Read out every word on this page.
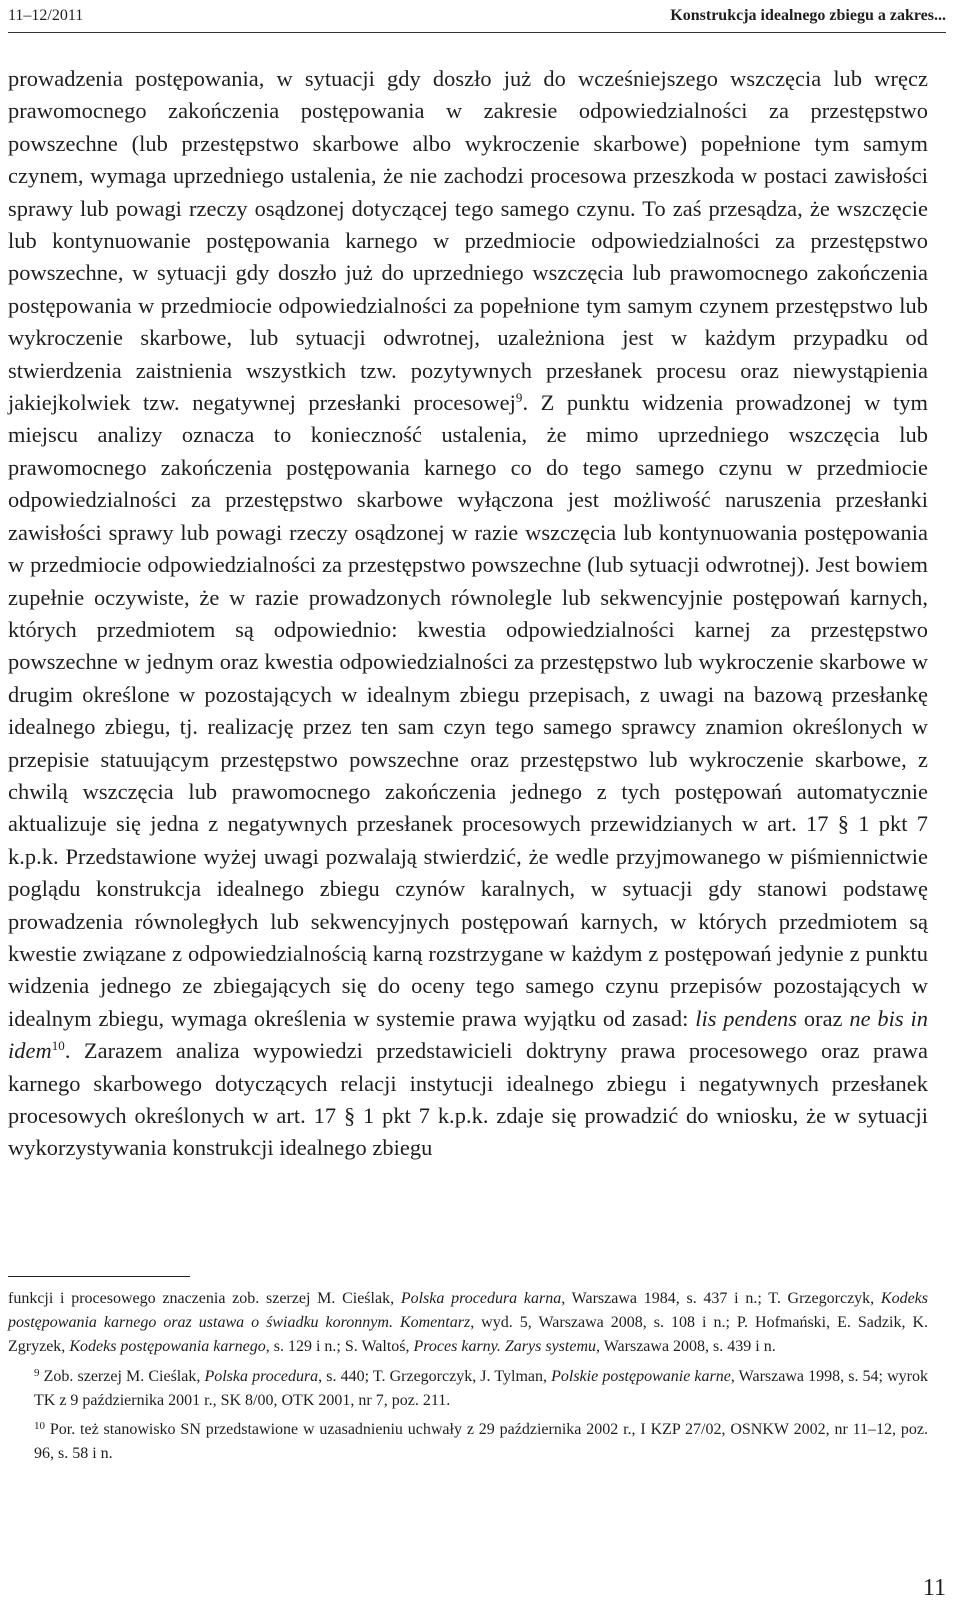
11–12/2011	Konstrukcja idealnego zbiegu a zakres...

prowadzenia postępowania, w sytuacji gdy doszło już do wcześniejszego wszczęcia lub wręcz prawomocnego zakończenia postępowania w zakresie odpowiedzialności za przestępstwo powszechne (lub przestępstwo skarbowe albo wykroczenie skarbowe) popełnione tym samym czynem, wymaga uprzedniego ustalenia, że nie zachodzi procesowa przeszkoda w postaci zawisłości sprawy lub powagi rzeczy osądzonej dotyczącej tego samego czynu. To zaś przesądza, że wszczęcie lub kontynuowanie postępowania karnego w przedmiocie odpowiedzialności za przestępstwo powszechne, w sytuacji gdy doszło już do uprzedniego wszczęcia lub prawomocnego zakończenia postępowania w przedmiocie odpowiedzialności za popełnione tym samym czynem przestępstwo lub wykroczenie skarbowe, lub sytuacji odwrotnej, uzależniona jest w każdym przypadku od stwierdzenia zaistnienia wszystkich tzw. pozytywnych przesłanek procesu oraz niewystąpienia jakiejkolwiek tzw. negatywnej przesłanki procesowej$^9$. Z punktu widzenia prowadzonej w tym miejscu analizy oznacza to konieczność ustalenia, że mimo uprzedniego wszczęcia lub prawomocnego zakończenia postępowania karnego co do tego samego czynu w przedmiocie odpowiedzialności za przestępstwo skarbowe wyłączona jest możliwość naruszenia przesłanki zawisłości sprawy lub powagi rzeczy osądzonej w razie wszczęcia lub kontynuowania postępowania w przedmiocie odpowiedzialności za przestępstwo powszechne (lub sytuacji odwrotnej). Jest bowiem zupełnie oczywiste, że w razie prowadzonych równolegle lub sekwencyjnie postępowań karnych, których przedmiotem są odpowiednio: kwestia odpowiedzialności karnej za przestępstwo powszechne w jednym oraz kwestia odpowiedzialności za przestępstwo lub wykroczenie skarbowe w drugim określone w pozostających w idealnym zbiegu przepisach, z uwagi na bazową przesłankę idealnego zbiegu, tj. realizację przez ten sam czyn tego samego sprawcy znamion określonych w przepisie statuującym przestępstwo powszechne oraz przestępstwo lub wykroczenie skarbowe, z chwilą wszczęcia lub prawomocnego zakończenia jednego z tych postępowań automatycznie aktualizuje się jedna z negatywnych przesłanek procesowych przewidzianych w art. 17 § 1 pkt 7 k.p.k. Przedstawione wyżej uwagi pozwalają stwierdzić, że wedle przyjmowanego w piśmiennictwie poglądu konstrukcja idealnego zbiegu czynów karalnych, w sytuacji gdy stanowi podstawę prowadzenia równoległych lub sekwencyjnych postępowań karnych, w których przedmiotem są kwestie związane z odpowiedzialnością karną rozstrzygane w każdym z postępowań jedynie z punktu widzenia jednego ze zbiegających się do oceny tego samego czynu przepisów pozostających w idealnym zbiegu, wymaga określenia w systemie prawa wyjątku od zasad: lis pendens oraz ne bis in idem$^{10}$. Zarazem analiza wypowiedzi przedstawicieli doktryny prawa procesowego oraz prawa karnego skarbowego dotyczących relacji instytucji idealnego zbiegu i negatywnych przesłanek procesowych określonych w art. 17 § 1 pkt 7 k.p.k. zdaje się prowadzić do wniosku, że w sytuacji wykorzystywania konstrukcji idealnego zbiegu

funkcji i procesowego znaczenia zob. szerzej M. Cieślak, Polska procedura karna, Warszawa 1984, s. 437 i n.; T. Grzegorczyk, Kodeks postępowania karnego oraz ustawa o świadku koronnym. Komentarz, wyd. 5, Warszawa 2008, s. 108 i n.; P. Hofmański, E. Sadzik, K. Zgryzek, Kodeks postępowania karnego, s. 129 i n.; S. Waltoś, Proces karny. Zarys systemu, Warszawa 2008, s. 439 i n.

$^9$ Zob. szerzej M. Cieślak, Polska procedura, s. 440; T. Grzegorczyk, J. Tylman, Polskie postępowanie karne, Warszawa 1998, s. 54; wyrok TK z 9 października 2001 r., SK 8/00, OTK 2001, nr 7, poz. 211.

$^{10}$ Por. też stanowisko SN przedstawione w uzasadnieniu uchwały z 29 października 2002 r., I KZP 27/02, OSNKW 2002, nr 11–12, poz. 96, s. 58 i n.

11
